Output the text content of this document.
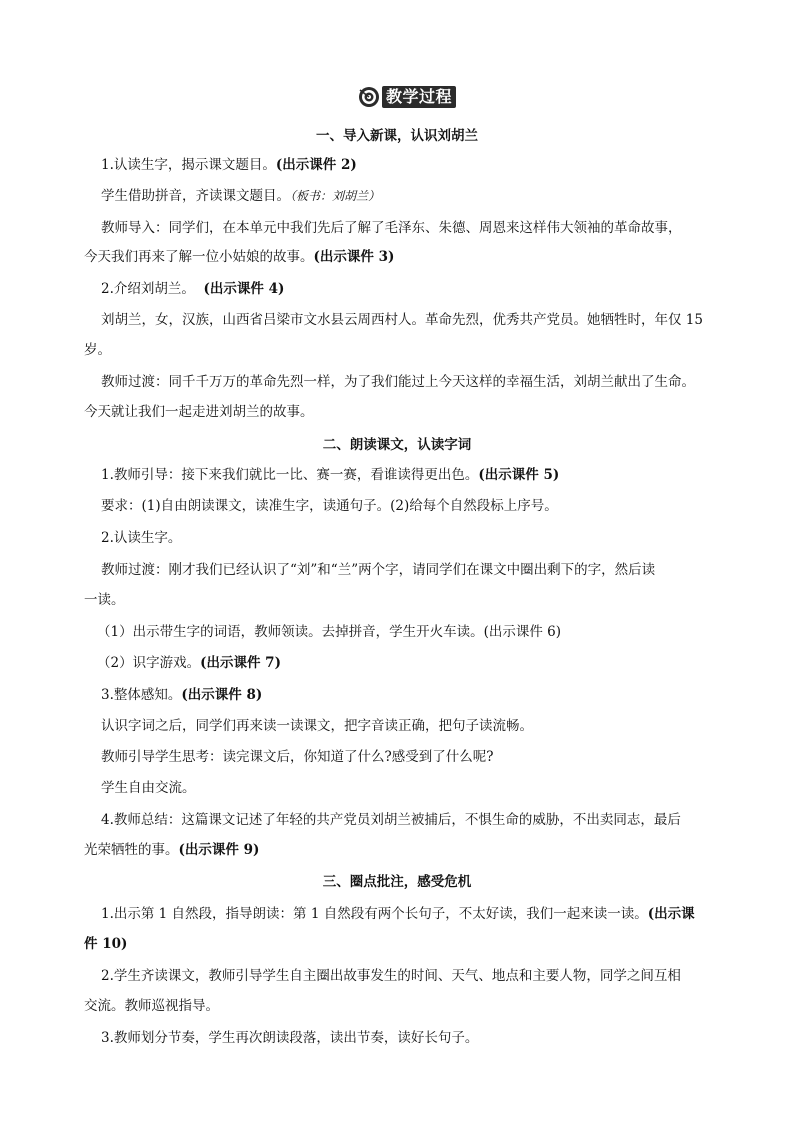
教学过程
一、导入新课，认识刘胡兰
1.认读生字，揭示课文题目。(出示课件 2)
学生借助拼音，齐读课文题目。（板书：刘胡兰）
教师导入：同学们，在本单元中我们先后了解了毛泽东、朱德、周恩来这样伟大领袖的革命故事，
今天我们再来了解一位小姑娘的故事。(出示课件 3)
2.介绍刘胡兰。 (出示课件 4)
刘胡兰，女，汉族，山西省吕梁市文水县云周西村人。革命先烈，优秀共产党员。她牺牲时，年仅 15
岁。
教师过渡：同千千万万的革命先烈一样，为了我们能过上今天这样的幸福生活，刘胡兰献出了生命。
今天就让我们一起走进刘胡兰的故事。
二、朗读课文，认读字词
1.教师引导：接下来我们就比一比、赛一赛，看谁读得更出色。(出示课件 5)
要求：(1)自由朗读课文，读准生字，读通句子。(2)给每个自然段标上序号。
2.认读生字。
教师过渡：刚才我们已经认识了“刘”和“兰”两个字，请同学们在课文中圈出剩下的字，然后读
一读。
（1）出示带生字的词语，教师领读。去掉拼音，学生开火车读。(出示课件 6)
（2）识字游戏。(出示课件 7)
3.整体感知。(出示课件 8)
认识字词之后，同学们再来读一读课文，把字音读正确，把句子读流畅。
教师引导学生思考：读完课文后，你知道了什么?感受到了什么呢?
学生自由交流。
4.教师总结：这篇课文记述了年轻的共产党员刘胡兰被捕后，不惧生命的威胁，不出卖同志，最后
光荣牺牲的事。(出示课件 9)
三、圈点批注，感受危机
1.出示第 1 自然段，指导朗读：第 1 自然段有两个长句子，不太好读，我们一起来读一读。(出示课
件 10)
2.学生齐读课文，教师引导学生自主圈出故事发生的时间、天气、地点和主要人物，同学之间互相
交流。教师巡视指导。
3.教师划分节奏，学生再次朗读段落，读出节奏，读好长句子。
